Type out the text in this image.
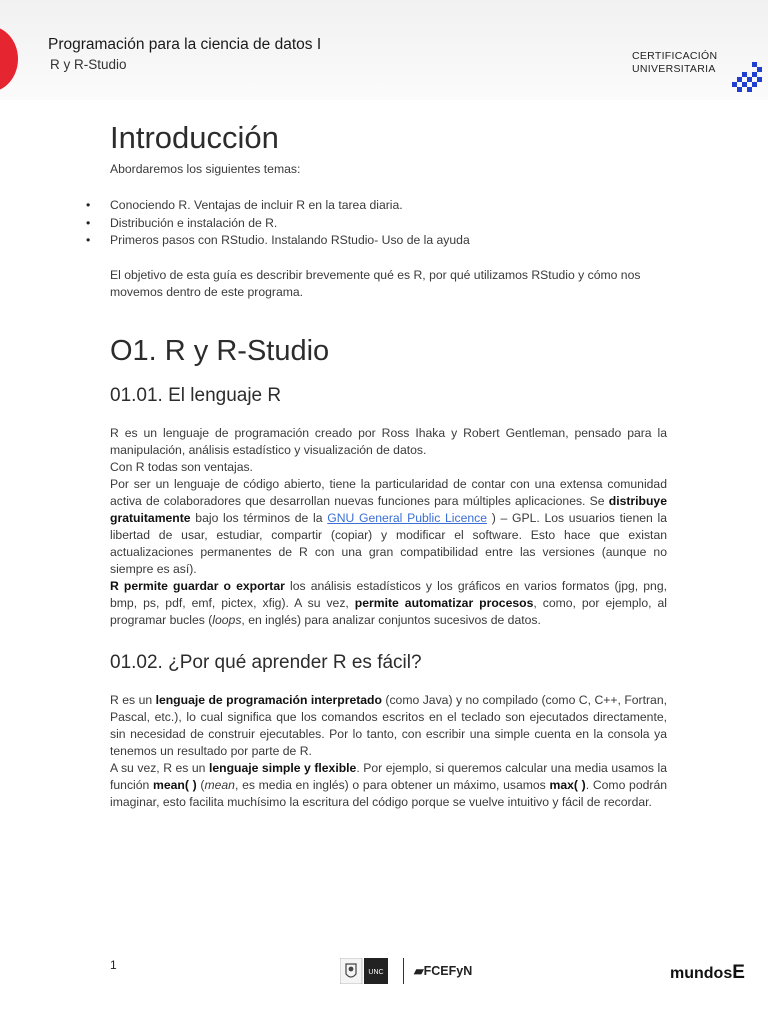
Programación para la ciencia de datos I
R y R-Studio
CERTIFICACIÓN
UNIVERSITARIA
Introducción

Abordaremos los siguientes temas:

• Conociendo R. Ventajas de incluir R en la tarea diaria.
• Distribución e instalación de R.
• Primeros pasos con RStudio. Instalando RStudio- Uso de la ayuda

El objetivo de esta guía es describir brevemente qué es R, por qué utilizamos RStudio y cómo nos movemos dentro de este programa.

O1. R y R-Studio
01.01. El lenguaje R

R es un lenguaje de programación creado por Ross Ihaka y Robert Gentleman, pensado para la manipulación, análisis estadístico y visualización de datos.

Con R todas son ventajas.

Por ser un lenguaje de código abierto, tiene la particularidad de contar con una extensa comunidad activa de colaboradores que desarrollan nuevas funciones para múltiples aplicaciones. Se distribuye gratuitamente bajo los términos de la GNU General Public Licence ) – GPL. Los usuarios tienen la libertad de usar, estudiar, compartir (copiar) y modificar el software. Esto hace que existan actualizaciones permanentes de R con una gran compatibilidad entre las versiones (aunque no siempre es así).

R permite guardar o exportar los análisis estadísticos y los gráficos en varios formatos (jpg, png, bmp, ps, pdf, emf, pictex, xfig). A su vez, permite automatizar procesos, como, por ejemplo, al programar bucles (loops, en inglés) para analizar conjuntos sucesivos de datos.

01.02. ¿Por qué aprender R es fácil?

R es un lenguaje de programación interpretado (como Java) y no compilado (como C, C++, Fortran, Pascal, etc.), lo cual significa que los comandos escritos en el teclado son ejecutados directamente, sin necesidad de construir ejecutables. Por lo tanto, con escribir una simple cuenta en la consola ya tenemos un resultado por parte de R.

A su vez, R es un lenguaje simple y flexible. Por ejemplo, si queremos calcular una media usamos la función mean( ) (mean, es media en inglés) o para obtener un máximo, usamos max( ). Como podrán imaginar, esto facilita muchísimo la escritura del código porque se vuelve intuitivo y fácil de recordar.

1
UNC ▰FCEFyN	mundosE
